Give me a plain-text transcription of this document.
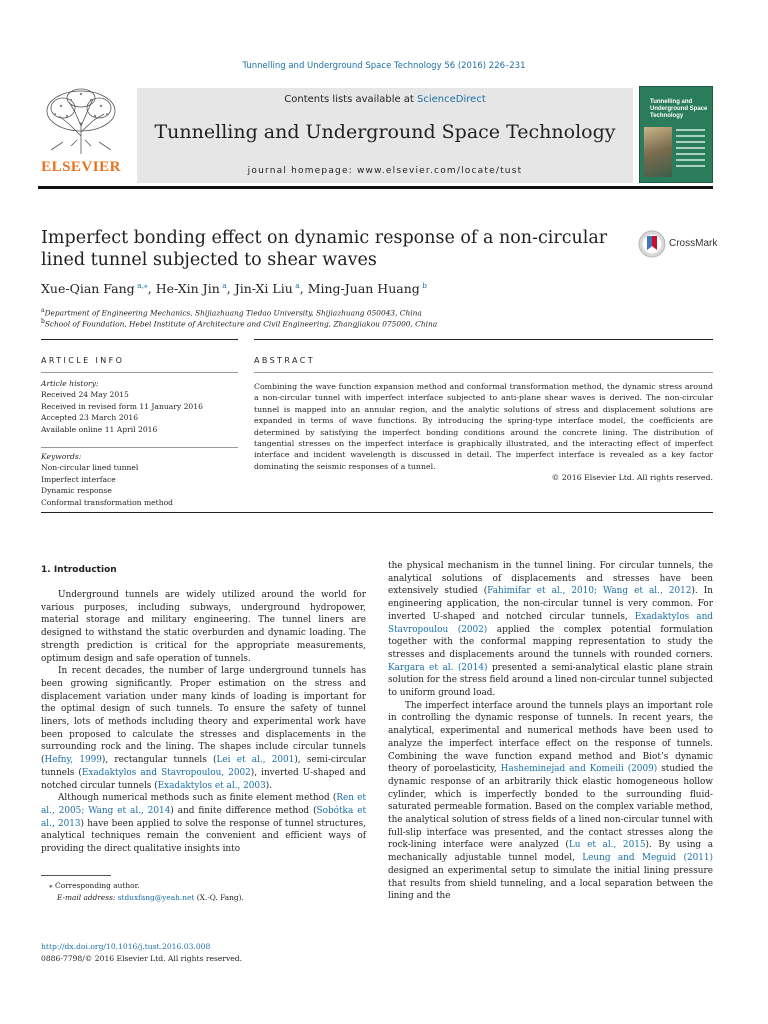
Tunnelling and Underground Space Technology 56 (2016) 226–231
ELSEVIER
Contents lists available at ScienceDirect
Tunnelling and Underground Space Technology
journal homepage: www.elsevier.com/locate/tust
Tunnelling and Underground Space Technology
Imperfect bonding effect on dynamic response of a non-circular lined tunnel subjected to shear waves
CrossMark
Xue-Qian Fang  $^{a,⁎}$, He-Xin Jin  $^a$, Jin-Xi Liu  $^a$, Ming-Juan Huang  $^b$
$^a$Department of Engineering Mechanics, Shijiazhuang Tiedao University, Shijiazhuang 050043, China
$^b$School of Foundation, Hebei Institute of Architecture and Civil Engineering, Zhangjiakou 075000, China
ARTICLE INFO	ABSTRACT
Article history:
Received 24 May 2015
Received in revised form 11 January 2016
Accepted 23 March 2016
Available online 11 April 2016
Keywords:
Non-circular lined tunnel
Imperfect interface
Dynamic response
Conformal transformation method
Combining the wave function expansion method and conformal transformation method, the dynamic stress around a non-circular tunnel with imperfect interface subjected to anti-plane shear waves is derived. The non-circular tunnel is mapped into an annular region, and the analytic solutions of stress and displacement solutions are expanded in terms of wave functions. By introducing the spring-type interface model, the coefficients are determined by satisfying the imperfect bonding conditions around the concrete lining. The distribution of tangential stresses on the imperfect interface is graphically illustrated, and the interacting effect of imperfect interface and incident wavelength is discussed in detail. The imperfect interface is revealed as a key factor dominating the seismic responses of a tunnel.
© 2016 Elsevier Ltd. All rights reserved.
1. Introduction

Underground tunnels are widely utilized around the world for various purposes, including subways, underground hydropower, material storage and military engineering. The tunnel liners are designed to withstand the static overburden and dynamic loading. The strength prediction is critical for the appropriate measurements, optimum design and safe operation of tunnels.

In recent decades, the number of large underground tunnels has been growing significantly. Proper estimation on the stress and displacement variation under many kinds of loading is important for the optimal design of such tunnels. To ensure the safety of tunnel liners, lots of methods including theory and experimental work have been proposed to calculate the stresses and displacements in the surrounding rock and the lining. The shapes include circular tunnels (Hefny, 1999), rectangular tunnels (Lei et al., 2001), semi-circular tunnels (Exadaktylos and Stavropoulou, 2002), inverted U-shaped and notched circular tunnels (Exadaktylos et al., 2003).

Although numerical methods such as finite element method (Ren et al., 2005; Wang et al., 2014) and finite difference method (Sobótka et al., 2013) have been applied to solve the response of tunnel structures, analytical techniques remain the convenient and efficient ways of providing the direct qualitative insights into

the physical mechanism in the tunnel lining. For circular tunnels, the analytical solutions of displacements and stresses have been extensively studied (Fahimifar et al., 2010; Wang et al., 2012). In engineering application, the non-circular tunnel is very common. For inverted U-shaped and notched circular tunnels, Exadaktylos and Stavropoulou (2002) applied the complex potential formulation together with the conformal mapping representation to study the stresses and displacements around the tunnels with rounded corners. Kargara et al. (2014) presented a semi-analytical elastic plane strain solution for the stress field around a lined non-circular tunnel subjected to uniform ground load.

The imperfect interface around the tunnels plays an important role in controlling the dynamic response of tunnels. In recent years, the analytical, experimental and numerical methods have been used to analyze the imperfect interface effect on the response of tunnels. Combining the wave function expand method and Biot’s dynamic theory of poroelasticity, Hasheminejad and Komeili (2009) studied the dynamic response of an arbitrarily thick elastic homogeneous hollow cylinder, which is imperfectly bonded to the surrounding fluid-saturated permeable formation. Based on the complex variable method, the analytical solution of stress fields of a lined non-circular tunnel with full-slip interface was presented, and the contact stresses along the rock-lining interface were analyzed (Lu et al., 2015). By using a mechanically adjustable tunnel model, Leung and Meguid (2011) designed an experimental setup to simulate the initial lining pressure that results from shield tunneling, and a local separation between the lining and the

⁎ Corresponding author.
E-mail address: stduxfang@yeah.net (X.-Q. Fang).
http://dx.doi.org/10.1016/j.tust.2016.03.008
0886-7798/© 2016 Elsevier Ltd. All rights reserved.
